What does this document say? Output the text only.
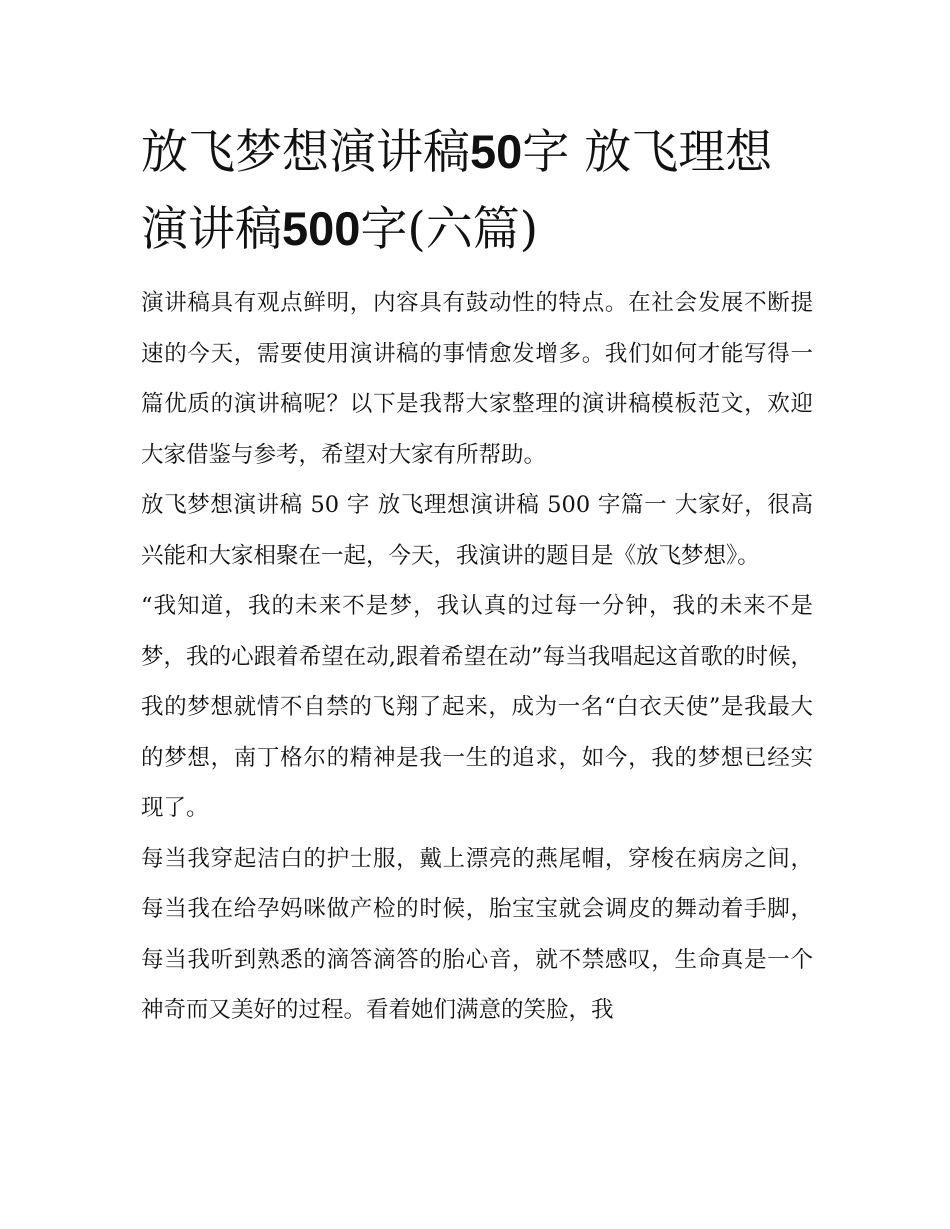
放飞梦想演讲稿50字 放飞理想演讲稿500字(六篇)

演讲稿具有观点鲜明，内容具有鼓动性的特点。在社会发展不断提速的今天，需要使用演讲稿的事情愈发增多。我们如何才能写得一篇优质的演讲稿呢？以下是我帮大家整理的演讲稿模板范文，欢迎大家借鉴与参考，希望对大家有所帮助。

放飞梦想演讲稿 50 字 放飞理想演讲稿 500 字篇一 大家好，很高兴能和大家相聚在一起，今天，我演讲的题目是《放飞梦想》。

“我知道，我的未来不是梦，我认真的过每一分钟，我的未来不是梦，我的心跟着希望在动,跟着希望在动”每当我唱起这首歌的时候，我的梦想就情不自禁的飞翔了起来，成为一名“白衣天使”是我最大的梦想，南丁格尔的精神是我一生的追求，如今，我的梦想已经实现了。

每当我穿起洁白的护士服，戴上漂亮的燕尾帽，穿梭在病房之间，每当我在给孕妈咪做产检的时候，胎宝宝就会调皮的舞动着手脚，每当我听到熟悉的滴答滴答的胎心音，就不禁感叹，生命真是一个神奇而又美好的过程。看着她们满意的笑脸，我
